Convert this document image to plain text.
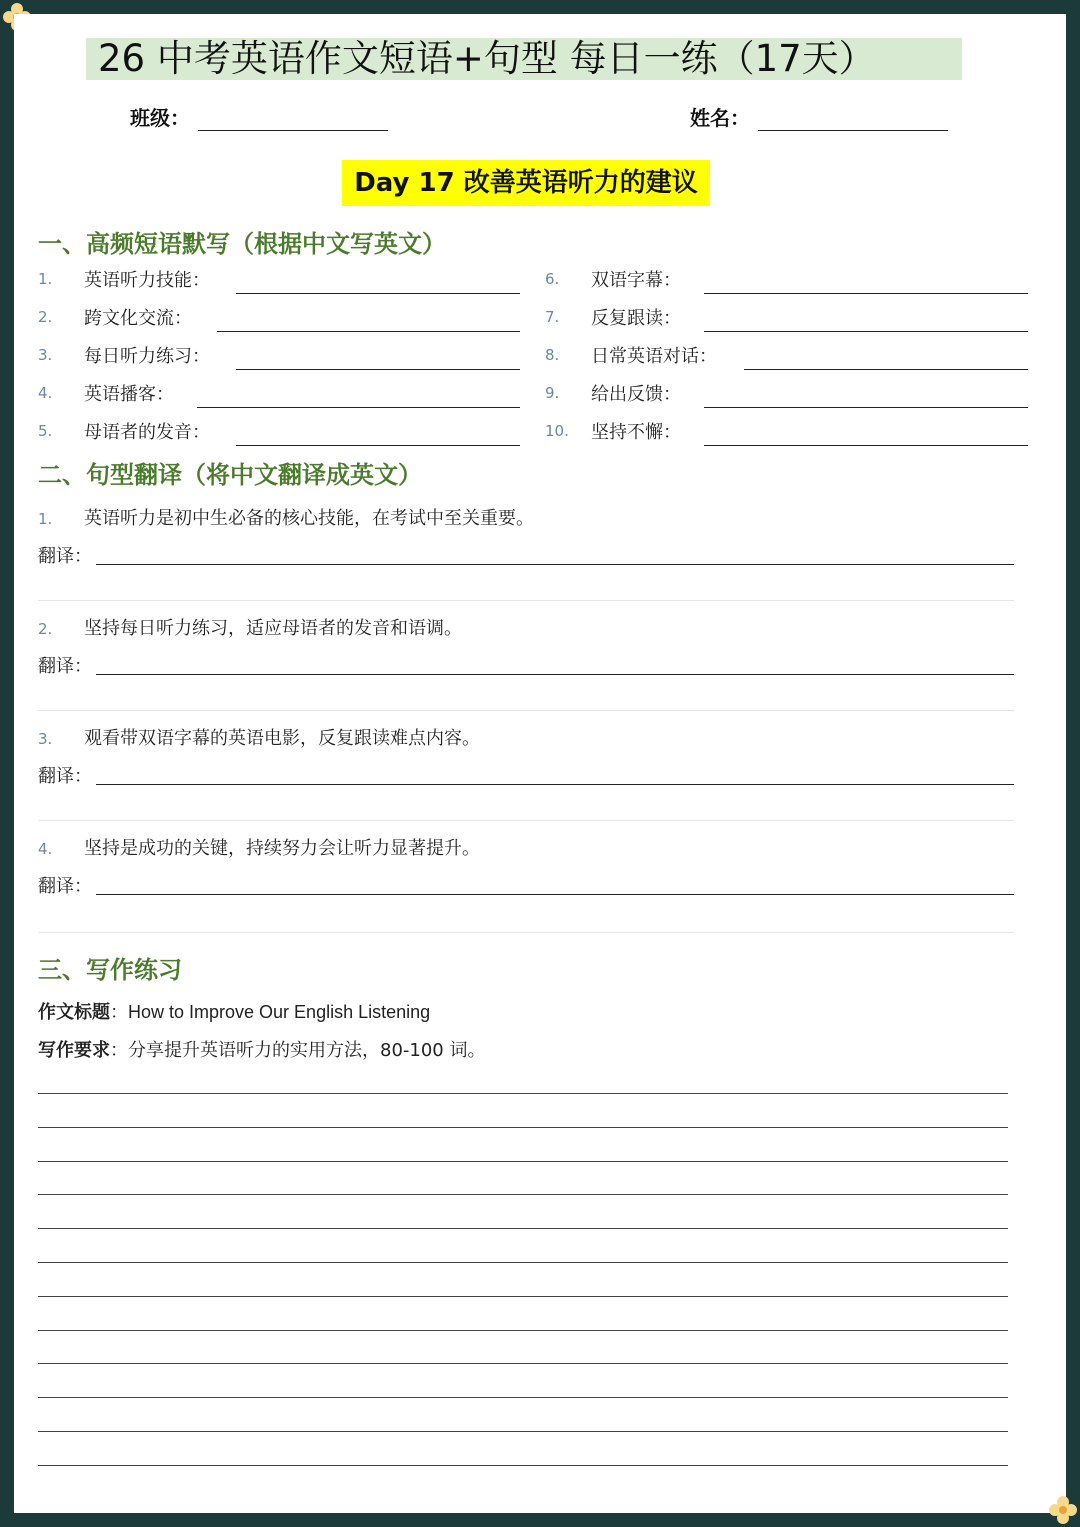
26 中考英语作文短语+句型 每日一练（17天）
班级：	姓名：
Day 17 改善英语听力的建议
一、高频短语默写（根据中文写英文）
1. 英语听力技能：
2. 跨文化交流：
3. 每日听力练习：
4. 英语播客：
5. 母语者的发音：
6. 双语字幕：
7. 反复跟读：
8. 日常英语对话：
9. 给出反馈：
10. 坚持不懈：
二、句型翻译（将中文翻译成英文）
1. 英语听力是初中生必备的核心技能，在考试中至关重要。
翻译：
2. 坚持每日听力练习，适应母语者的发音和语调。
翻译：
3. 观看带双语字幕的英语电影，反复跟读难点内容。
翻译：
4. 坚持是成功的关键，持续努力会让听力显著提升。
翻译：
三、写作练习
作文标题：How to Improve Our English Listening
写作要求：分享提升英语听力的实用方法，80-100 词。
